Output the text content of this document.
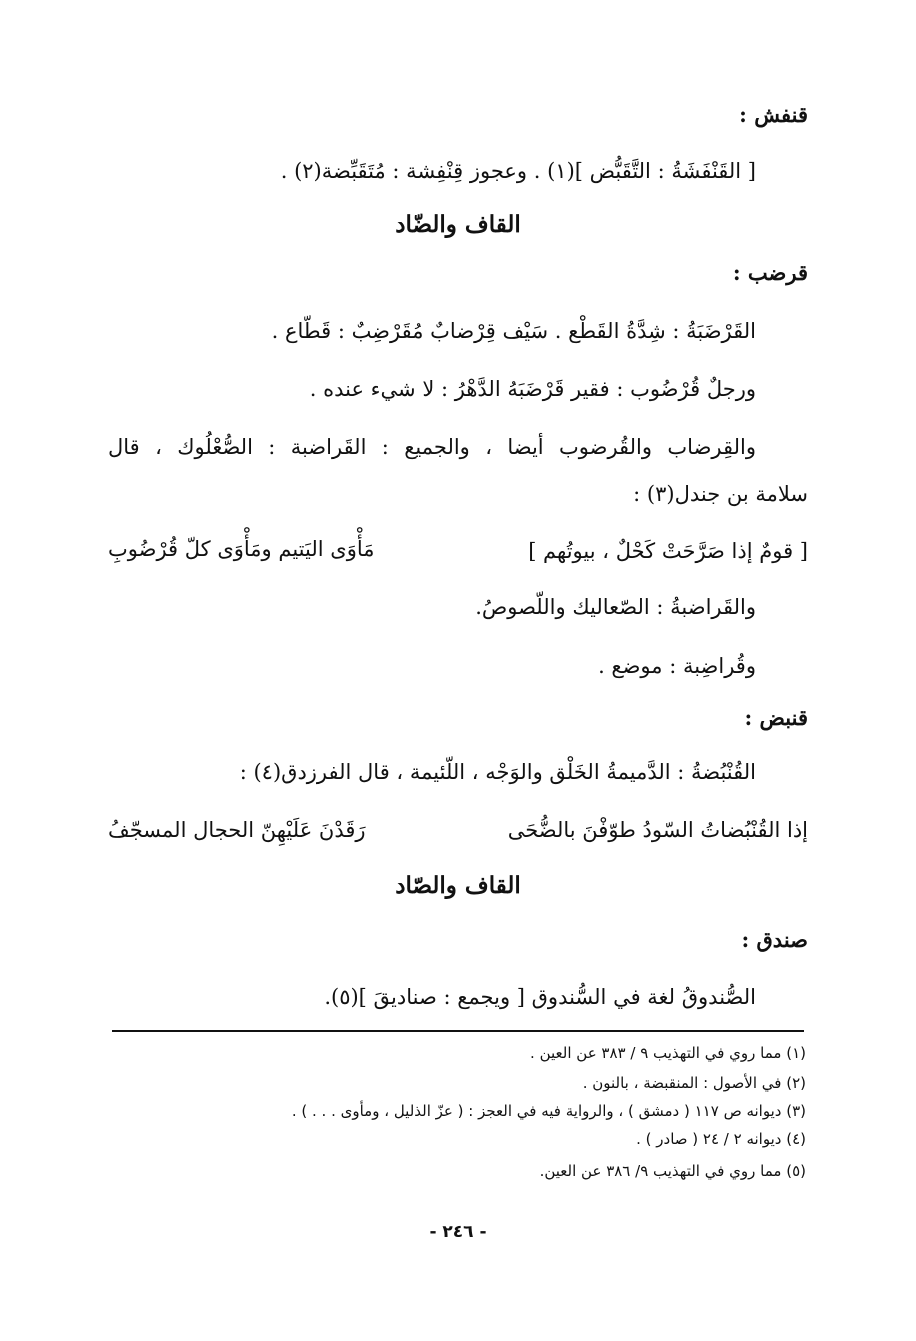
قنفش :
[ القَنْفَشَةُ : التَّقَبُّض ](١) . وعجوز قِنْفِشة : مُتَقَبِّضة(٢) .
القاف والضّاد
قرضب :
القَرْضَبَةُ : شِدَّةُ القَطْع . سَيْف قِرْضابٌ مُقَرْضِبٌ : قَطّاع .
ورجلٌ قُرْضُوب : فقير قَرْضَبَهُ الدَّهْرُ : لا شيء عنده .
والقِرضاب والقُرضوب أيضا ، والجميع : القَراضبة : الصُّعْلُوك ، قال
سلامة بن جندل(٣) :
[ قومٌ إذا صَرَّحَتْ كَحْلٌ ، بيوتُهم ]
مَأْوَى اليَتيم ومَأْوَى كلّ قُرْضُوبِ
والقَراضبةُ : الصّعاليك واللّصوصُ.
وقُراضِبة : موضع .
قنبض :
القُنْبُضةُ : الدَّميمةُ الخَلْق والوَجْه ، اللّئيمة ، قال الفرزدق(٤) :
إذا القُنْبُضاتُ السّودُ طوّفْنَ بالضُّحَى
رَقَدْنَ عَلَيْهِنّ الحجال المسجّفُ
القاف والصّاد
صندق :
الصُّندوقُ لغة في السُّندوق [ ويجمع : صناديقَ ](٥).
(١) مما روي في التهذيب ٩ / ٣٨٣ عن العين .
(٢) في الأصول : المنقبضة ، بالنون .
(٣) ديوانه ص ١١٧ ( دمشق ) ، والرواية فيه في العجز : ( عزّ الذليل ، ومأوى . . . ) .
(٤) ديوانه ٢ / ٢٤ ( صادر ) .
(٥) مما روي في التهذيب ٩/ ٣٨٦ عن العين.
- ٢٤٦ -
